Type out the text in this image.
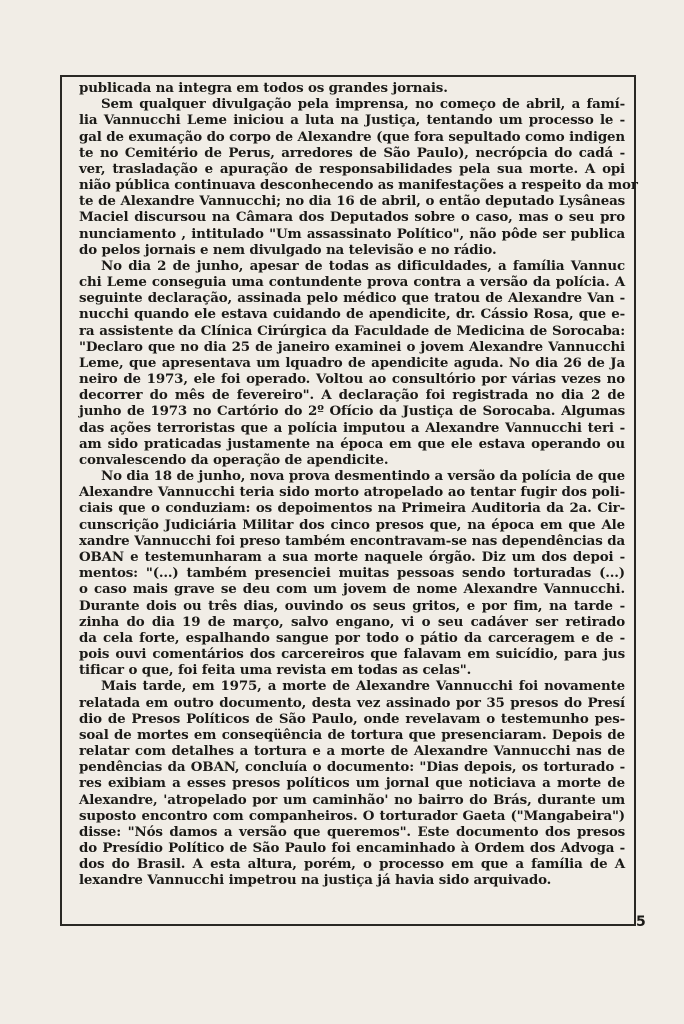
publicada na integra em todos os grandes jornais.
Sem qualquer divulgação pela imprensa, no começo de abril, a famí-
lia Vannucchi Leme iniciou a luta na Justiça, tentando um processo le -
gal de exumação do corpo de Alexandre (que fora sepultado como indigen
te no Cemitério de Perus, arredores de São Paulo), necrópcia do cadá -
ver, trasladação e apuração de responsabilidades pela sua morte. A opi
nião pública continuava desconhecendo as manifestações a respeito da mor
te de Alexandre Vannucchi; no dia 16 de abril, o então deputado Lysâneas
Maciel discursou na Câmara dos Deputados sobre o caso, mas o seu pro
nunciamento , intitulado "Um assassinato Político", não pôde ser publica
do pelos jornais e nem divulgado na televisão e no rádio.
No dia 2 de junho, apesar de todas as dificuldades, a família Vannuc
chi Leme conseguia uma contundente prova contra a versão da polícia. A
seguinte declaração, assinada pelo médico que tratou de Alexandre Van -
nucchi quando ele estava cuidando de apendicite, dr. Cássio Rosa, que e-
ra assistente da Clínica Cirúrgica da Faculdade de Medicina de Sorocaba:
"Declaro que no dia 25 de janeiro examinei o jovem Alexandre Vannucchi
Leme, que apresentava um lquadro de apendicite aguda. No dia 26 de Ja
neiro de 1973, ele foi operado. Voltou ao consultório por várias vezes no
decorrer do mês de fevereiro". A declaração foi registrada no dia 2 de
junho de 1973 no Cartório do 2º Ofício da Justiça de Sorocaba. Algumas
das ações terroristas que a polícia imputou a Alexandre Vannucchi teri -
am sido praticadas justamente na época em que ele estava operando ou
convalescendo da operação de apendicite.
No dia 18 de junho, nova prova desmentindo a versão da polícia de que
Alexandre Vannucchi teria sido morto atropelado ao tentar fugir dos poli-
ciais que o conduziam: os depoimentos na Primeira Auditoria da 2a. Cir-
cunscrição Judiciária Militar dos cinco presos que, na época em que Ale
xandre Vannucchi foi preso também encontravam-se nas dependências da
OBAN e testemunharam a sua morte naquele órgão. Diz um dos depoi -
mentos: "(...) também presenciei muitas pessoas sendo torturadas (...)
o caso mais grave se deu com um jovem de nome Alexandre Vannucchi.
Durante dois ou três dias, ouvindo os seus gritos, e por fim, na tarde -
zinha do dia 19 de março, salvo engano, vi o seu cadáver ser retirado
da cela forte, espalhando sangue por todo o pátio da carceragem e de -
pois ouvi comentários dos carcereiros que falavam em suicídio, para jus
tificar o que, foi feita uma revista em todas as celas".
Mais tarde, em 1975, a morte de Alexandre Vannucchi foi novamente
relatada em outro documento, desta vez assinado por 35 presos do Presí
dio de Presos Políticos de São Paulo, onde revelavam o testemunho pes-
soal de mortes em conseqüência de tortura que presenciaram. Depois de
relatar com detalhes a tortura e a morte de Alexandre Vannucchi nas de
pendências da OBAN, concluía o documento: "Dias depois, os torturado -
res exibiam a esses presos políticos um jornal que noticiava a morte de
Alexandre, 'atropelado por um caminhão' no bairro do Brás, durante um
suposto encontro com companheiros. O torturador Gaeta ("Mangabeira")
disse: "Nós damos a versão que queremos". Este documento dos presos
do Presídio Político de São Paulo foi encaminhado à Ordem dos Advoga -
dos do Brasil. A esta altura, porém, o processo em que a família de A
lexandre Vannucchi impetrou na justiça já havia sido arquivado.
5
